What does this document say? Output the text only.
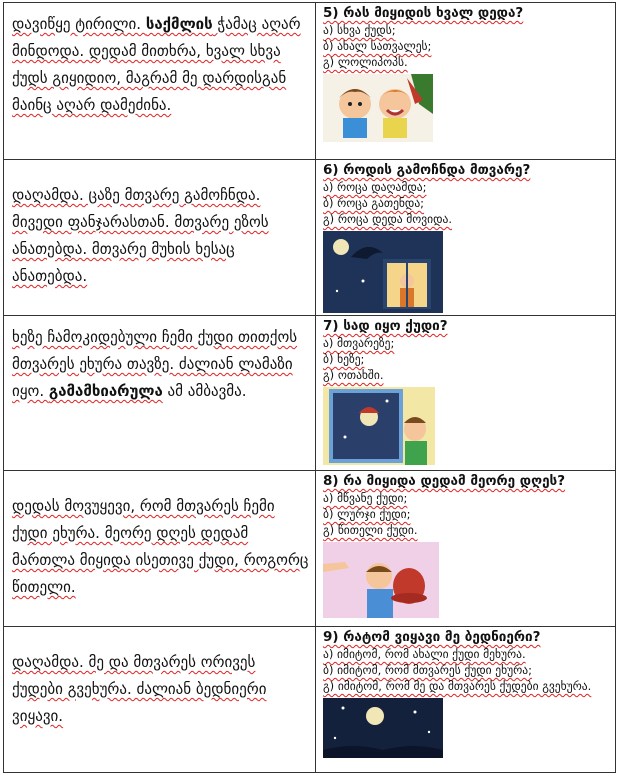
დავიწყე ტირილი. საქმლის ჭამაც აღარ მინდოდა. დედამ მითხრა, ხვალ სხვა ქუდს გიყიდიო, მაგრამ მე დარდისგან მაინც აღარ დამეძინა.	5) რას მიყიდის ხვალ დედა?
ა) სხვა ქუდს;
ბ) ახალ სათვალეს;
გ) ლოლიპოპს.

დაღამდა. ცაზე მთვარე გამოჩნდა. მივედი ფანჯარასთან. მთვარე ეზოს ანათებდა. მთვარე მუხის ხესაც ანათებდა.	6) როდის გამოჩნდა მთვარე?
ა) როცა დაღამდა;
ბ) როცა გათენდა;
გ) როცა დედა მოვიდა.

ხეზე ჩამოკიდებული ჩემი ქუდი თითქოს მთვარეს ეხურა თავზე. ძალიან ლამაზი იყო. გამამხიარულა ამ ამბავმა.	7) სად იყო ქუდი?
ა) მთვარეზე;
ბ) ხეზე;
გ) ოთახში.

დედას მოვუყევი, რომ მთვარეს ჩემი ქუდი ეხურა. მეორე დღეს დედამ მართლა მიყიდა ისეთივე ქუდი, როგორც წითელი.	8) რა მიყიდა დედამ მეორე დღეს?
ა) მწვანე ქუდი;
ბ) ლურჯი ქუდი;
გ) წითელი ქუდი.

დაღამდა. მე და მთვარეს ორივეს ქუდები გვეხურა. ძალიან ბედნიერი ვიყავი.	9) რატომ ვიყავი მე ბედნიერი?
ა) იმიტომ, რომ ახალი ქუდი მეხურა.
ბ) იმიტომ, რომ მთვარეს ქუდი ეხურა;
გ) იმიტომ, რომ მე და მთვარეს ქუდები გვეხურა.
